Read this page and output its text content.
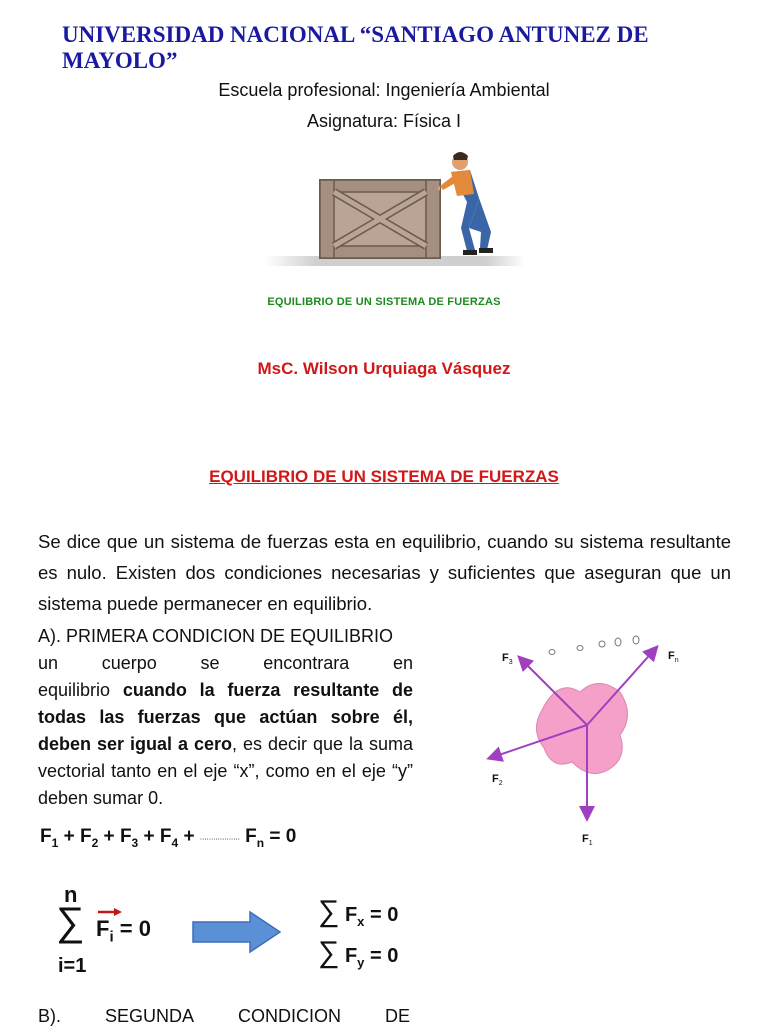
UNIVERSIDAD NACIONAL “SANTIAGO ANTUNEZ DE MAYOLO”
Escuela profesional: Ingeniería Ambiental
Asignatura: Física I
EQUILIBRIO DE UN SISTEMA DE FUERZAS
MsC. Wilson Urquiaga Vásquez
EQUILIBRIO DE UN SISTEMA DE FUERZAS
Se dice que un sistema de fuerzas esta en equilibrio, cuando su sistema resultante es nulo. Existen dos condiciones necesarias y suficientes que aseguran que un sistema puede permanecer en equilibrio.
A). PRIMERA CONDICION DE EQUILIBRIO
un cuerpo se encontrara en
equilibrio cuando la fuerza resultante de todas las fuerzas que actúan sobre él, deben ser igual a cero, es decir que la suma vectorial tanto en el eje “x”, como en el eje “y” deben sumar 0.
$F_3$
$F_n$
$F_2$
$F_1$
$F_1 + F_2 + F_3 + F_4$ + .................. $F_n = 0$
n
∑
i=1
$F_i = 0$
∑ $F_x = 0$
∑ $F_y = 0$
B). SEGUNDA CONDICION DE
